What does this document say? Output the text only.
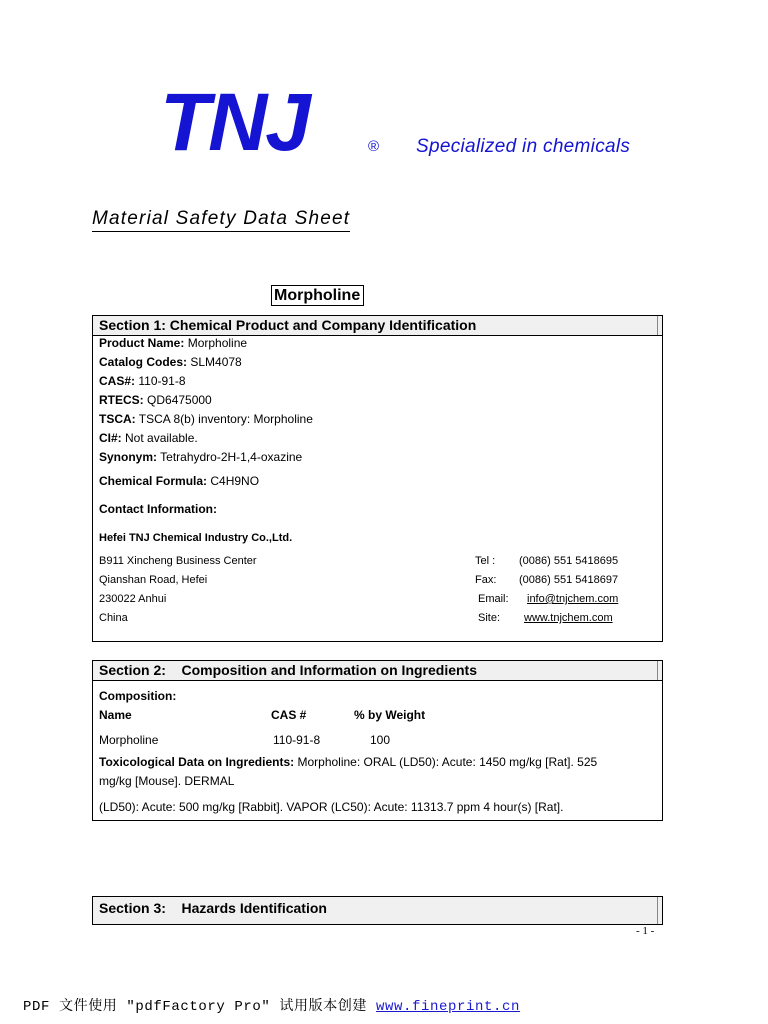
TNJ	® Specialized in chemicals
Material Safety Data Sheet
Morpholine
Section 1: Chemical Product and Company Identification
Product Name: Morpholine
Catalog Codes: SLM4078
CAS#: 110-91-8
RTECS: QD6475000
TSCA: TSCA 8(b) inventory: Morpholine
CI#: Not available.
Synonym: Tetrahydro-2H-1,4-oxazine
Chemical Formula: C4H9NO
Contact Information:
Hefei TNJ Chemical Industry Co.,Ltd.
B911 Xincheng Business Center
Qianshan Road, Hefei
230022 Anhui
China
Tel : (0086) 551 5418695
Fax: (0086) 551 5418697
Email: info@tnjchem.com
Site: www.tnjchem.com
Section 2:    Composition and Information on Ingredients
Composition:
Name	CAS #	% by Weight
Morpholine	110-91-8	100
Toxicological Data on Ingredients: Morpholine: ORAL (LD50): Acute: 1450 mg/kg [Rat]. 525
mg/kg [Mouse]. DERMAL
(LD50): Acute: 500 mg/kg [Rabbit]. VAPOR (LC50): Acute: 11313.7 ppm 4 hour(s) [Rat].
Section 3:    Hazards Identification
- 1 -
PDF 文件使用 "pdfFactory Pro" 试用版本创建 www.fineprint.cn
